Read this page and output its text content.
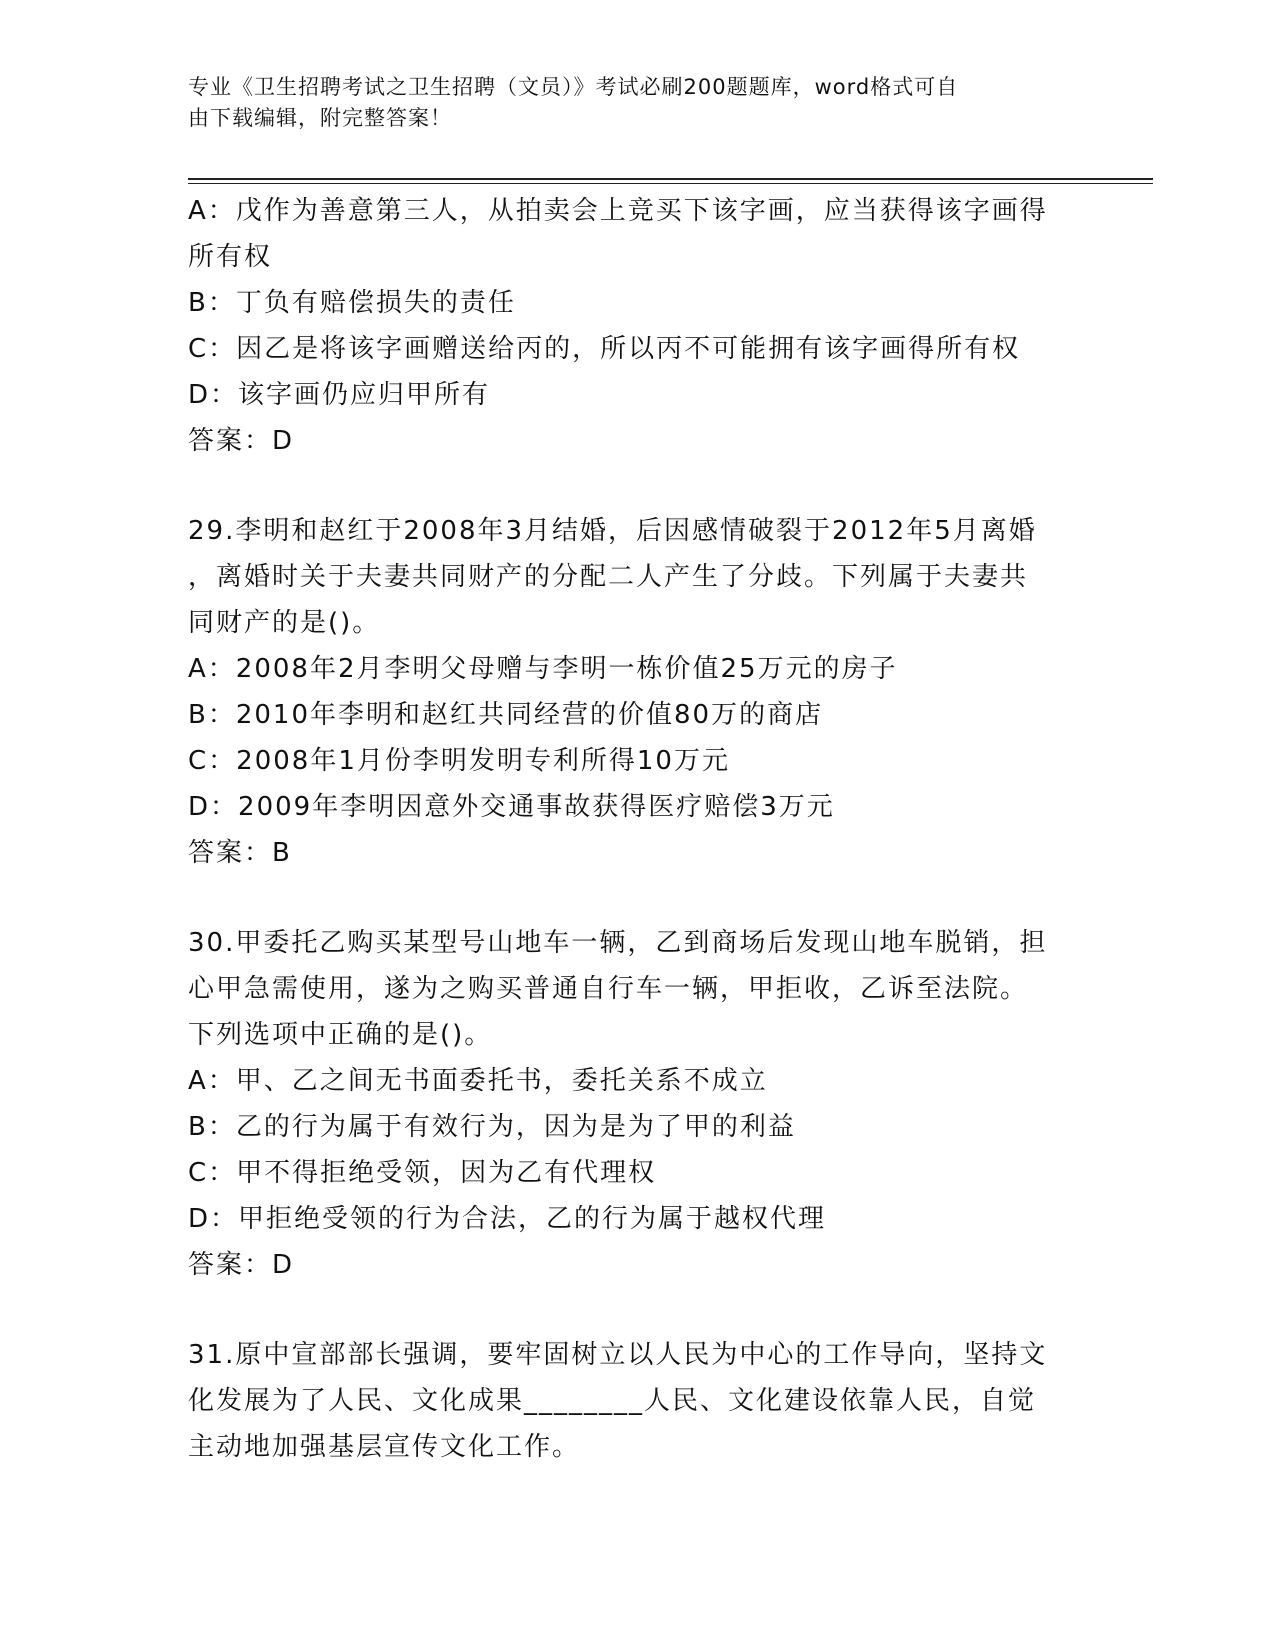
专业《卫生招聘考试之卫生招聘（文员）》考试必刷200题题库，word格式可自
由下载编辑，附完整答案！
A：戊作为善意第三人，从拍卖会上竞买下该字画，应当获得该字画得
所有权
B：丁负有赔偿损失的责任
C：因乙是将该字画赠送给丙的，所以丙不可能拥有该字画得所有权
D：该字画仍应归甲所有
答案：D
29.李明和赵红于2008年3月结婚，后因感情破裂于2012年5月离婚
，离婚时关于夫妻共同财产的分配二人产生了分歧。下列属于夫妻共
同财产的是()。
A：2008年2月李明父母赠与李明一栋价值25万元的房子
B：2010年李明和赵红共同经营的价值80万的商店
C：2008年1月份李明发明专利所得10万元
D：2009年李明因意外交通事故获得医疗赔偿3万元
答案：B
30.甲委托乙购买某型号山地车一辆，乙到商场后发现山地车脱销，担
心甲急需使用，遂为之购买普通自行车一辆，甲拒收，乙诉至法院。
下列选项中正确的是()。
A：甲、乙之间无书面委托书，委托关系不成立
B：乙的行为属于有效行为，因为是为了甲的利益
C：甲不得拒绝受领，因为乙有代理权
D：甲拒绝受领的行为合法，乙的行为属于越权代理
答案：D
31.原中宣部部长强调，要牢固树立以人民为中心的工作导向，坚持文
化发展为了人民、文化成果________人民、文化建设依靠人民，自觉
主动地加强基层宣传文化工作。
